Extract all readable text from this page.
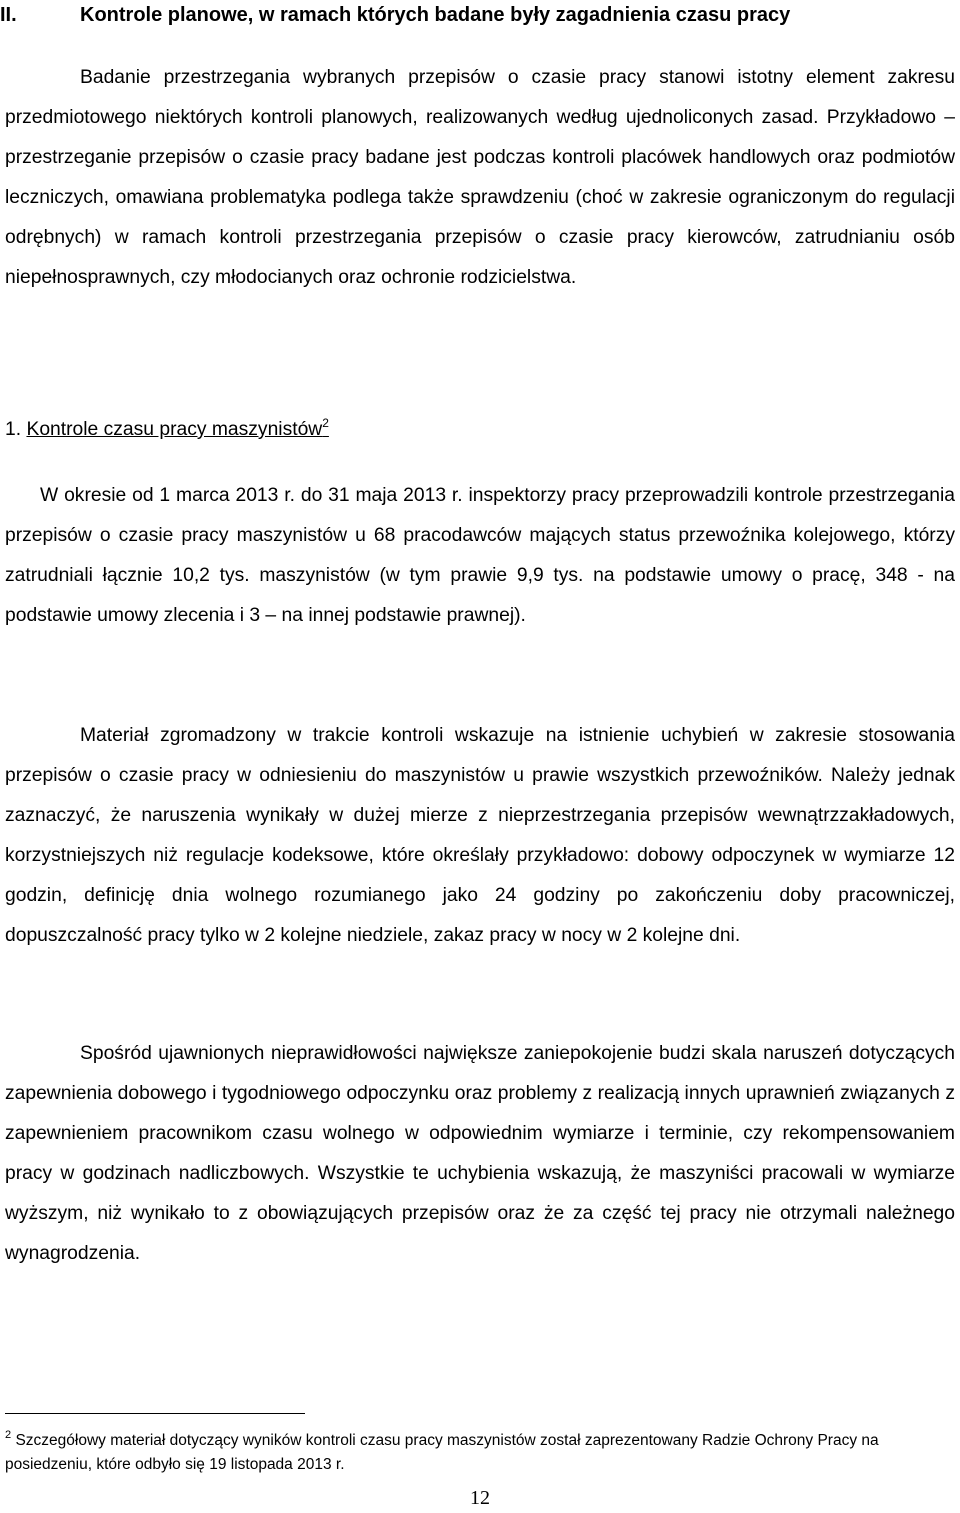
II.	Kontrole planowe, w ramach których badane były zagadnienia czasu pracy

Badanie przestrzegania wybranych przepisów o czasie pracy stanowi istotny element zakresu przedmiotowego niektórych kontroli planowych, realizowanych według ujednoliconych zasad. Przykładowo – przestrzeganie przepisów o czasie pracy badane jest podczas kontroli placówek handlowych oraz podmiotów leczniczych, omawiana problematyka podlega także sprawdzeniu (choć w zakresie ograniczonym do regulacji odrębnych) w ramach kontroli przestrzegania przepisów o czasie pracy kierowców, zatrudnianiu osób niepełnosprawnych, czy młodocianych oraz ochronie rodzicielstwa.

1. Kontrole czasu pracy maszynistów$^2$

W okresie od 1 marca 2013 r. do 31 maja 2013 r. inspektorzy pracy przeprowadzili kontrole przestrzegania przepisów o czasie pracy maszynistów u 68 pracodawców mających status przewoźnika kolejowego, którzy zatrudniali łącznie 10,2 tys. maszynistów (w tym prawie 9,9 tys. na podstawie umowy o pracę, 348 - na podstawie umowy zlecenia i 3 – na innej podstawie prawnej).

Materiał zgromadzony w trakcie kontroli wskazuje na istnienie uchybień w zakresie stosowania przepisów o czasie pracy w odniesieniu do maszynistów u prawie wszystkich przewoźników. Należy jednak zaznaczyć, że naruszenia wynikały w dużej mierze z nieprzestrzegania przepisów wewnątrzzakładowych, korzystniejszych niż regulacje kodeksowe, które określały przykładowo: dobowy odpoczynek w wymiarze 12 godzin, definicję dnia wolnego rozumianego jako 24 godziny po zakończeniu doby pracowniczej, dopuszczalność pracy tylko w 2 kolejne niedziele, zakaz pracy w nocy w 2 kolejne dni.

Spośród ujawnionych nieprawidłowości największe zaniepokojenie budzi skala naruszeń dotyczących zapewnienia dobowego i tygodniowego odpoczynku oraz problemy z realizacją innych uprawnień związanych z zapewnieniem pracownikom czasu wolnego w odpowiednim wymiarze i terminie, czy rekompensowaniem pracy w godzinach nadliczbowych. Wszystkie te uchybienia wskazują, że maszyniści pracowali w wymiarze wyższym, niż wynikało to z obowiązujących przepisów oraz że za część tej pracy nie otrzymali należnego wynagrodzenia.

$^2$ Szczegółowy materiał dotyczący wyników kontroli czasu pracy maszynistów został zaprezentowany Radzie Ochrony Pracy na posiedzeniu, które odbyło się 19 listopada 2013 r.

12
